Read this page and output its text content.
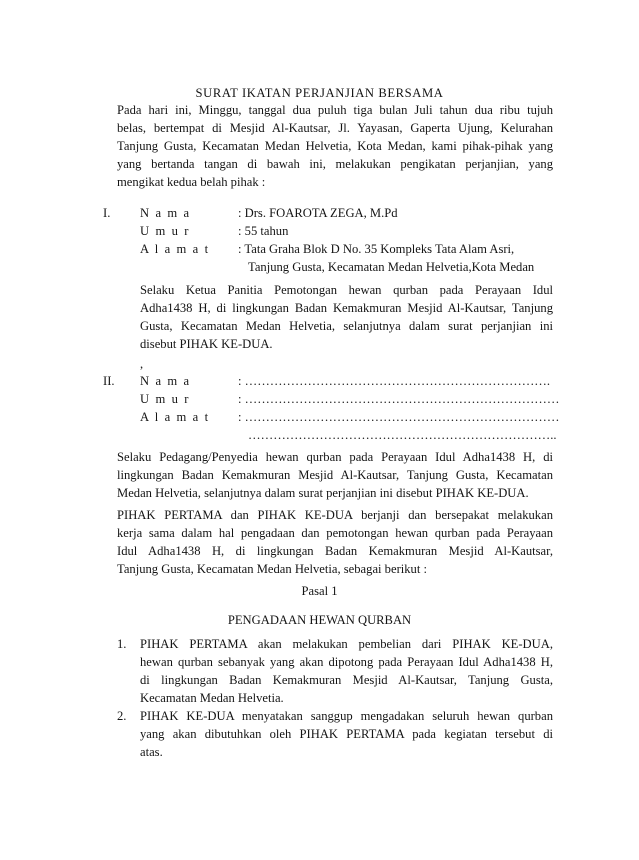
SURAT IKATAN PERJANJIAN BERSAMA
Pada hari ini, Minggu, tanggal dua puluh tiga bulan Juli tahun dua ribu tujuh
belas, bertempat di Mesjid Al-Kautsar, Jl. Yayasan, Gaperta Ujung, Kelurahan
Tanjung Gusta, Kecamatan Medan Helvetia, Kota Medan, kami pihak-pihak yang
yang bertanda tangan di bawah ini, melakukan pengikatan perjanjian, yang
mengikat kedua belah pihak :
I. N a m a	: Drs. FOAROTA ZEGA, M.Pd
U m u r	: 55 tahun
A l a m a t : Tata Graha Blok D No. 35 Kompleks Tata Alam Asri,
Tanjung Gusta, Kecamatan Medan Helvetia,Kota Medan
Selaku Ketua Panitia Pemotongan hewan qurban pada Perayaan Idul
Adha1438 H, di lingkungan Badan Kemakmuran Mesjid Al-Kautsar, Tanjung
Gusta, Kecamatan Medan Helvetia, selanjutnya dalam surat perjanjian ini
disebut PIHAK KE-DUA.
,
II. N a m a	: ……………………………………………………………….
U m u r	: …………………………………………………………………
A l a m a t : …………………………………………………………………
………………………………………………………………..
Selaku Pedagang/Penyedia hewan qurban pada Perayaan Idul Adha1438 H, di
lingkungan Badan Kemakmuran Mesjid Al-Kautsar, Tanjung Gusta, Kecamatan
Medan Helvetia, selanjutnya dalam surat perjanjian ini disebut PIHAK KE-DUA.
PIHAK PERTAMA dan PIHAK KE-DUA berjanji dan bersepakat melakukan
kerja sama dalam hal pengadaan dan pemotongan hewan qurban pada Perayaan
Idul Adha1438 H, di lingkungan Badan Kemakmuran Mesjid Al-Kautsar,
Tanjung Gusta, Kecamatan Medan Helvetia, sebagai berikut :
Pasal 1
PENGADAAN HEWAN QURBAN
1. PIHAK PERTAMA akan melakukan pembelian dari PIHAK KE-DUA,
hewan qurban sebanyak yang akan dipotong pada Perayaan Idul Adha1438 H,
di lingkungan Badan Kemakmuran Mesjid Al-Kautsar, Tanjung Gusta,
Kecamatan Medan Helvetia.
2. PIHAK KE-DUA menyatakan sanggup mengadakan seluruh hewan qurban
yang akan dibutuhkan oleh PIHAK PERTAMA pada kegiatan tersebut di
atas.
